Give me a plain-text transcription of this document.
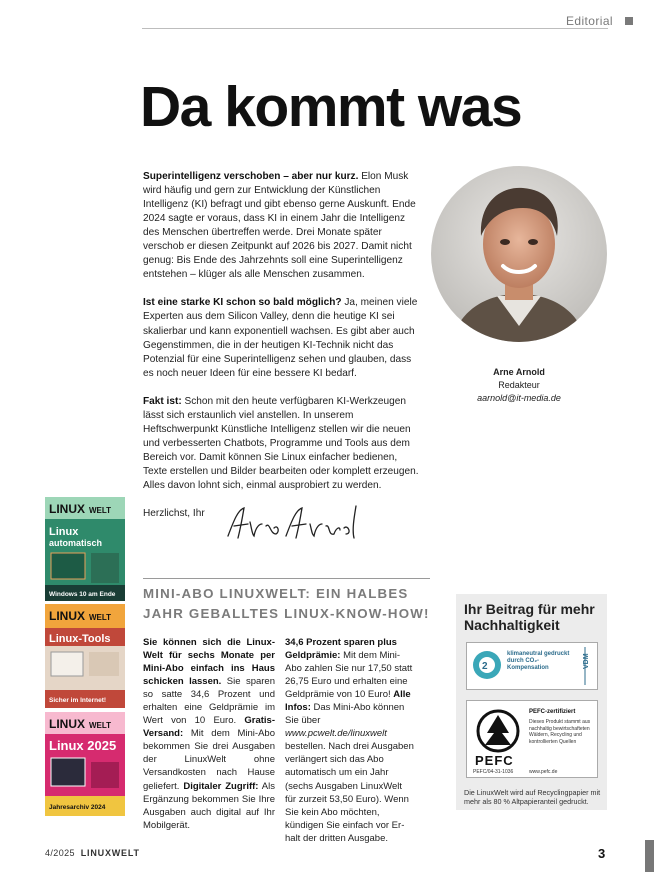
Editorial
Da kommt was

Superintelligenz verschoben – aber nur kurz. Elon Musk wird häufig und gern zur Entwicklung der Künstlichen Intelligenz (KI) befragt und gibt ebenso gerne Auskunft. Ende 2024 sagte er voraus, dass KI in einem Jahr die Intelligenz des Menschen übertreffen werde. Drei Monate später verschob er diesen Zeitpunkt auf 2026 bis 2027. Damit nicht genug: Bis Ende des Jahrzehnts soll eine Superintelligenz entstehen – klüger als alle Menschen zusammen.

Ist eine starke KI schon so bald möglich? Ja, meinen viele Experten aus dem Silicon Valley, denn die heutige KI sei skalierbar und kann exponentiell wachsen. Es gibt aber auch Gegenstimmen, die in der heutigen KI-Technik nicht das Potenzial für eine Superintelligenz sehen und glauben, dass es noch neuer Ideen für eine bessere KI bedarf.

Fakt ist: Schon mit den heute verfügbaren KI-Werkzeugen lässt sich erstaunlich viel anstellen. In unserem Heftschwerpunkt Künstliche Intelligenz stellen wir die neuen und verbesserten Chatbots, Programme und Tools aus dem Bereich vor. Damit können Sie Linux einfacher bedienen, Texte erstellen und Bilder bearbeiten oder komplett erzeugen. Alles davon lohnt sich, einmal ausprobiert zu werden.

Herzlichst, Ihr

Arne Arnold
Redakteur
aarnold@it-media.de
LINUX WELT
Linux
automatisch
Windows 10 am Ende
LINUX WELT
Linux-Tools
Sicher im Internet!
LINUX WELT
Linux 2025
Jahresarchiv 2024
MINI-ABO LINUXWELT: EIN HALBES JAHR GEBALLTES LINUX-KNOW-HOW!
Sie können sich die LinuxWelt für sechs Monate per Mini-Abo einfach ins Haus schicken lassen. Sie sparen so satte 34,6 Prozent und erhalten eine Geldprämie im Wert von 10 Euro. Gratis-Versand: Mit dem Mini-Abo bekommen Sie drei Ausgaben der LinuxWelt ohne Versandkosten nach Hause geliefert. Digitaler Zugriff: Als Ergänzung bekommen Sie Ihre Ausgaben auch digital auf Ihr Mobilgerät.
34,6 Prozent sparen plus Geldprämie: Mit dem Mini-Abo zahlen Sie nur 17,50 statt 26,75 Euro und erhalten eine Geldprämie von 10 Euro! Alle Infos: Das Mini-Abo können Sie über www.pcwelt.de/linuxwelt bestellen. Nach drei Ausgaben verlängert sich das Abo automatisch um ein Jahr (sechs Ausgaben LinuxWelt für zurzeit 53,50 Euro). Wenn Sie kein Abo möchten, kündigen Sie einfach vor Erhalt der dritten Ausgabe.
Ihr Beitrag für mehr Nachhaltigkeit
2
klimaneutral gedruckt durch CO₂-Kompensation	VDM
PEFC
PEFC-zertifiziert
Dieses Produkt stammt aus nachhaltig bewirtschafteten Wäldern, Recycling und kontrollierten Quellen
PEFC/04-31-1036	www.pefc.de
Die LinuxWelt wird auf Recyclingpapier mit mehr als 80 % Altpapieranteil gedruckt.
4/2025 LINUXWELT	3
